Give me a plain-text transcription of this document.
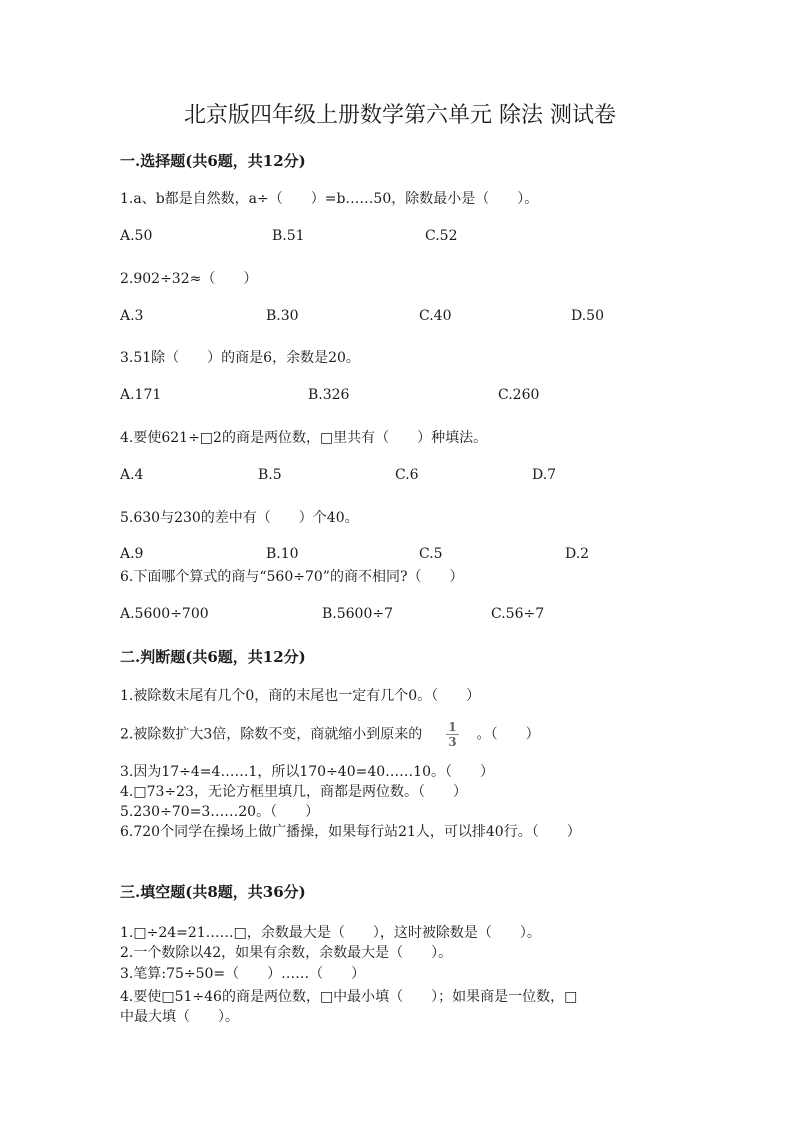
北京版四年级上册数学第六单元 除法 测试卷
一.选择题(共6题，共12分)
1.a、b都是自然数，a÷（　　）=b……50，除数最小是（　　）。
A.50	B.51	C.52
2.902÷32≈（　　）
A.3	B.30	C.40	D.50
3.51除（　　）的商是6，余数是20。
A.171	B.326	C.260
4.要使621÷□2的商是两位数，□里共有（　　）种填法。
A.4	B.5	C.6	D.7
5.630与230的差中有（　　）个40。
A.9	B.10	C.5	D.2
6.下面哪个算式的商与“560÷70”的商不相同?（　　）
A.5600÷700	B.5600÷7	C.56÷7
二.判断题(共6题，共12分)
1.被除数末尾有几个0，商的末尾也一定有几个0。（　　）
2.被除数扩大3倍，除数不变，商就缩小到原来的 $\frac{1}{3}$ 。（　　）
3.因为17÷4=4……1，所以170÷40=40……10。（　　）
4.□73÷23，无论方框里填几，商都是两位数。（　　）
5.230÷70=3……20。（　　）
6.720个同学在操场上做广播操，如果每行站21人，可以排40行。（　　）
三.填空题(共8题，共36分)
1.□÷24=21……□，余数最大是（　　），这时被除数是（　　）。
2.一个数除以42，如果有余数，余数最大是（　　）。
3.笔算:75÷50=（　　）……（　　）
4.要使□51÷46的商是两位数，□中最小填（　　）；如果商是一位数，□
中最大填（　　）。
